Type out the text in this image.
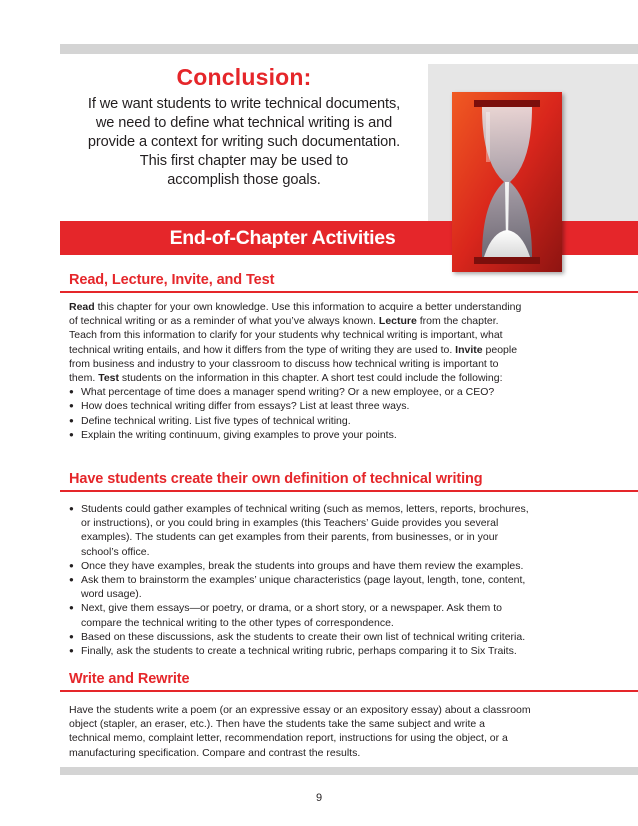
Conclusion:

If we want students to write technical documents,
we need to define what technical writing is and
provide a context for writing such documentation.
This first chapter may be used to
accomplish those goals.

End-of-Chapter Activities
Read, Lecture, Invite, and Test
Read this chapter for your own knowledge. Use this information to acquire a better understanding
of technical writing or as a reminder of what you’ve always known. Lecture from the chapter.
Teach from this information to clarify for your students why technical writing is important, what
technical writing entails, and how it differs from the type of writing they are used to. Invite people
from business and industry to your classroom to discuss how technical writing is important to
them. Test students on the information in this chapter. A short test could include the following:
● What percentage of time does a manager spend writing? Or a new employee, or a CEO?
● How does technical writing differ from essays? List at least three ways.
● Define technical writing. List five types of technical writing.
● Explain the writing continuum, giving examples to prove your points.
Have students create their own definition of technical writing
● Students could gather examples of technical writing (such as memos, letters, reports, brochures,
or instructions), or you could bring in examples (this Teachers’ Guide provides you several
examples). The students can get examples from their parents, from businesses, or in your
school’s office.
● Once they have examples, break the students into groups and have them review the examples.
● Ask them to brainstorm the examples’ unique characteristics (page layout, length, tone, content,
word usage).
● Next, give them essays—or poetry, or drama, or a short story, or a newspaper. Ask them to
compare the technical writing to the other types of correspondence.
● Based on these discussions, ask the students to create their own list of technical writing criteria.
● Finally, ask the students to create a technical writing rubric, perhaps comparing it to Six Traits.
Write and Rewrite
Have the students write a poem (or an expressive essay or an expository essay) about a classroom
object (stapler, an eraser, etc.). Then have the students take the same subject and write a
technical memo, complaint letter, recommendation report, instructions for using the object, or a
manufacturing specification. Compare and contrast the results.
9
